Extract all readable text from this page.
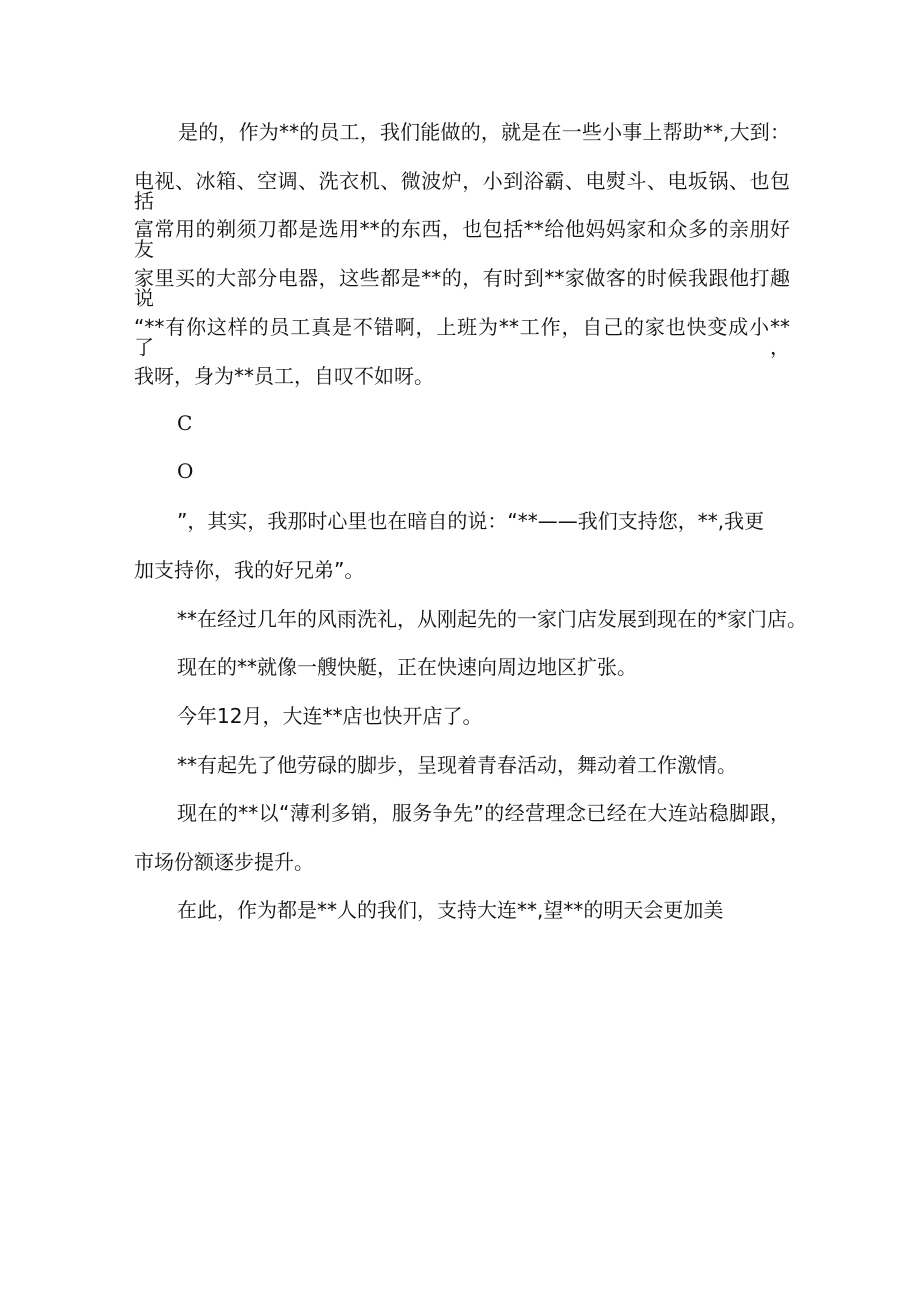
是的，作为**的员工，我们能做的，就是在一些小事上帮助**,大到：
电视、冰箱、空调、洗衣机、微波炉，小到浴霸、电熨斗、电坂锅、也包括
富常用的剃须刀都是选用**的东西，也包括**给他妈妈家和众多的亲朋好友
家里买的大部分电器，这些都是**的，有时到**家做客的时候我跟他打趣说
“**有你这样的员工真是不错啊，上班为**工作，自己的家也快变成小**了，
我呀，身为**员工，自叹不如呀。
C
O
”，其实，我那时心里也在暗自的说：“**——我们支持您，**,我更
加支持你，我的好兄弟”。
**在经过几年的风雨洗礼，从刚起先的一家门店发展到现在的*家门店。
现在的**就像一艘快艇，正在快速向周边地区扩张。
今年12月，大连**店也快开店了。
**有起先了他劳碌的脚步，呈现着青春活动，舞动着工作激情。
现在的**以“薄利多销，服务争先”的经营理念已经在大连站稳脚跟，
市场份额逐步提升。
在此，作为都是**人的我们，支持大连**,望**的明天会更加美
